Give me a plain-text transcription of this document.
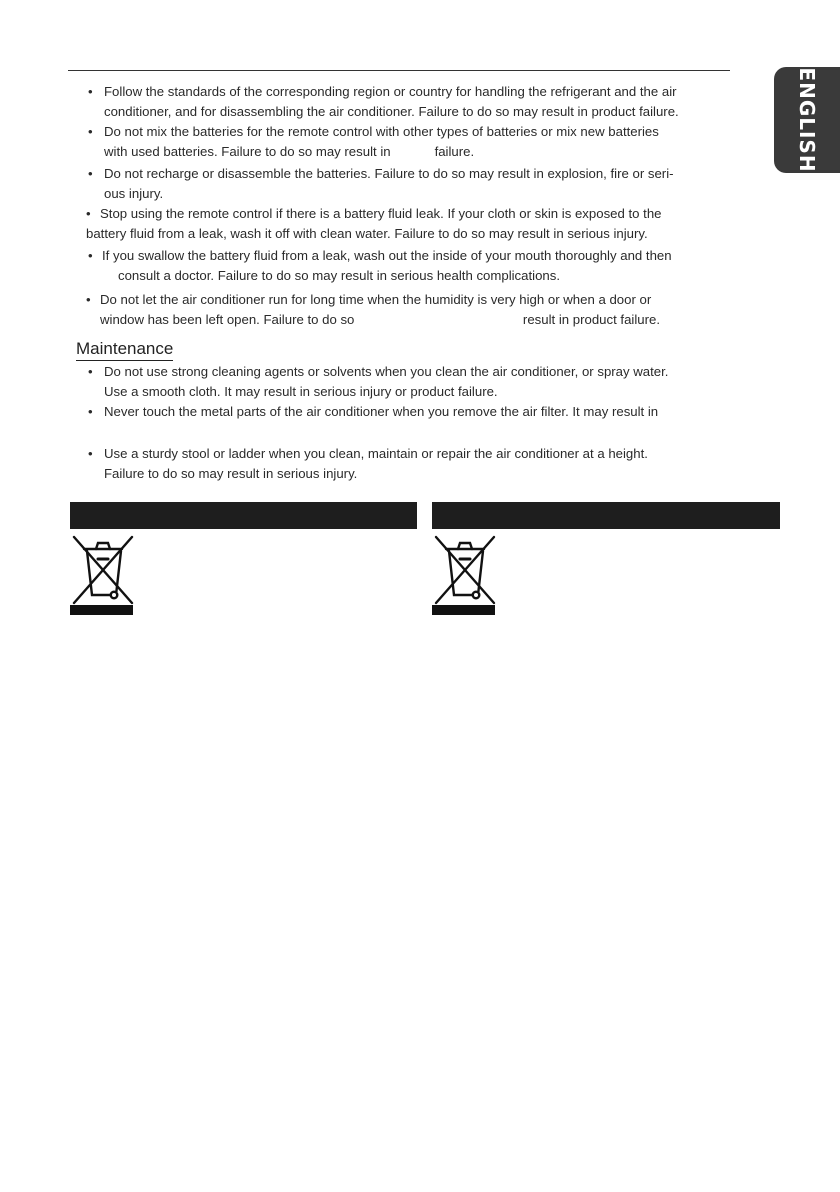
ENGLISH
• Follow the standards of the corresponding region or country for handling the refrigerant and the air
conditioner, and for disassembling the air conditioner. Failure to do so may result in product failure.
• Do not mix the batteries for the remote control with other types of batteries or mix new batteries
with used batteries. Failure to do so may result in            failure.
• Do not recharge or disassemble the batteries. Failure to do so may result in explosion, fire or seri-
ous injury.
• Stop using the remote control if there is a battery fluid leak. If your cloth or skin is exposed to the
battery fluid from a leak, wash it off with clean water. Failure to do so may result in serious injury.
• If you swallow the battery fluid from a leak, wash out the inside of your mouth thoroughly and then
consult a doctor. Failure to do so may result in serious health complications.
• Do not let the air conditioner run for long time when the humidity is very high or when a door or
window has been left open. Failure to do so                                              result in product failure.
Maintenance
• Do not use strong cleaning agents or solvents when you clean the air conditioner, or spray water.
Use a smooth cloth. It may result in serious injury or product failure.
• Never touch the metal parts of the air conditioner when you remove the air filter. It may result in
• Use a sturdy stool or ladder when you clean, maintain or repair the air conditioner at a height.
Failure to do so may result in serious injury.
